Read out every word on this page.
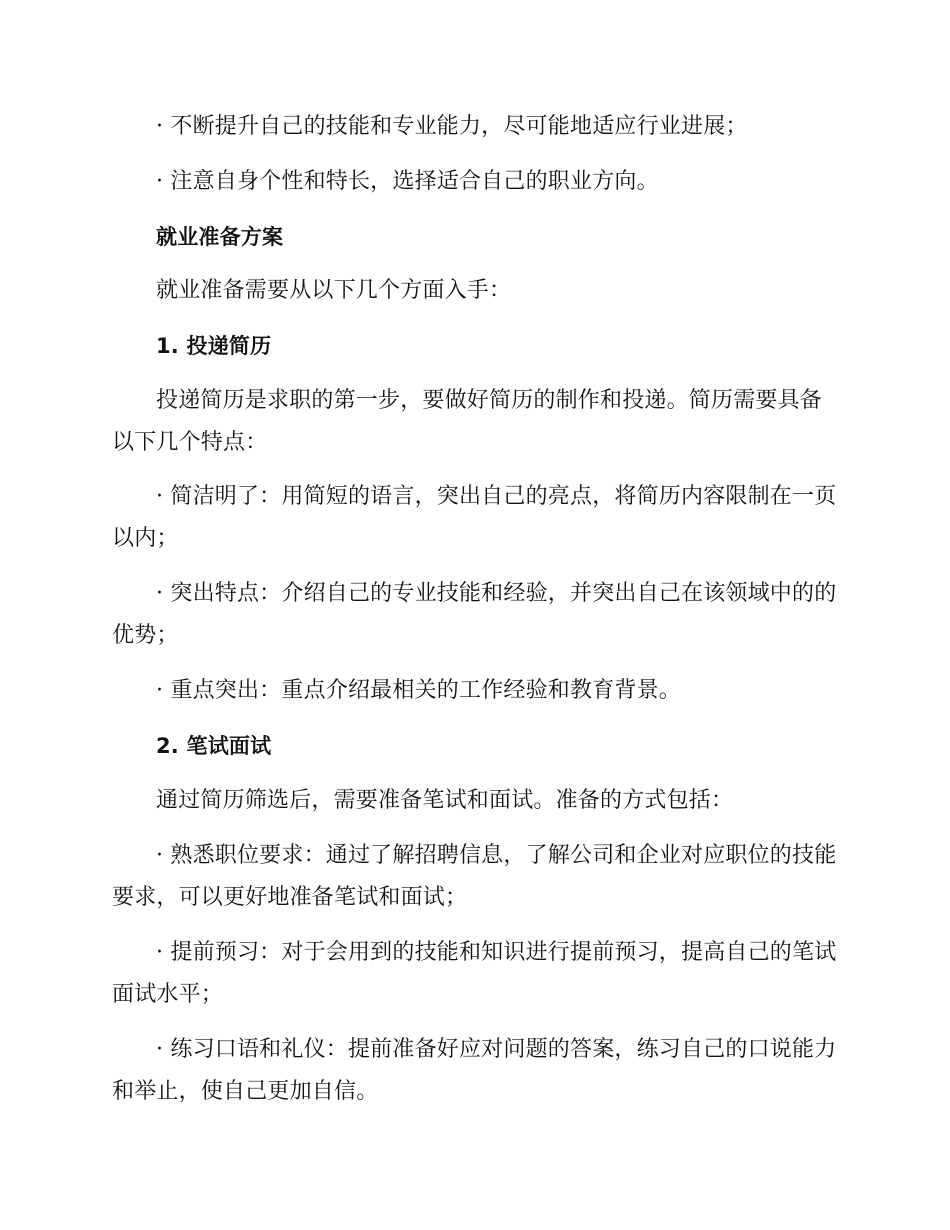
· 不断提升自己的技能和专业能力，尽可能地适应行业进展；
· 注意自身个性和特长，选择适合自己的职业方向。
就业准备方案
就业准备需要从以下几个方面入手：
1. 投递简历
投递简历是求职的第一步，要做好简历的制作和投递。简历需要具备以下几个特点：
· 简洁明了：用简短的语言，突出自己的亮点，将简历内容限制在一页以内；
· 突出特点：介绍自己的专业技能和经验，并突出自己在该领域中的的优势；
· 重点突出：重点介绍最相关的工作经验和教育背景。
2. 笔试面试
通过简历筛选后，需要准备笔试和面试。准备的方式包括：
· 熟悉职位要求：通过了解招聘信息，了解公司和企业对应职位的技能要求，可以更好地准备笔试和面试；
· 提前预习：对于会用到的技能和知识进行提前预习，提高自己的笔试面试水平；
· 练习口语和礼仪：提前准备好应对问题的答案，练习自己的口说能力和举止，使自己更加自信。
